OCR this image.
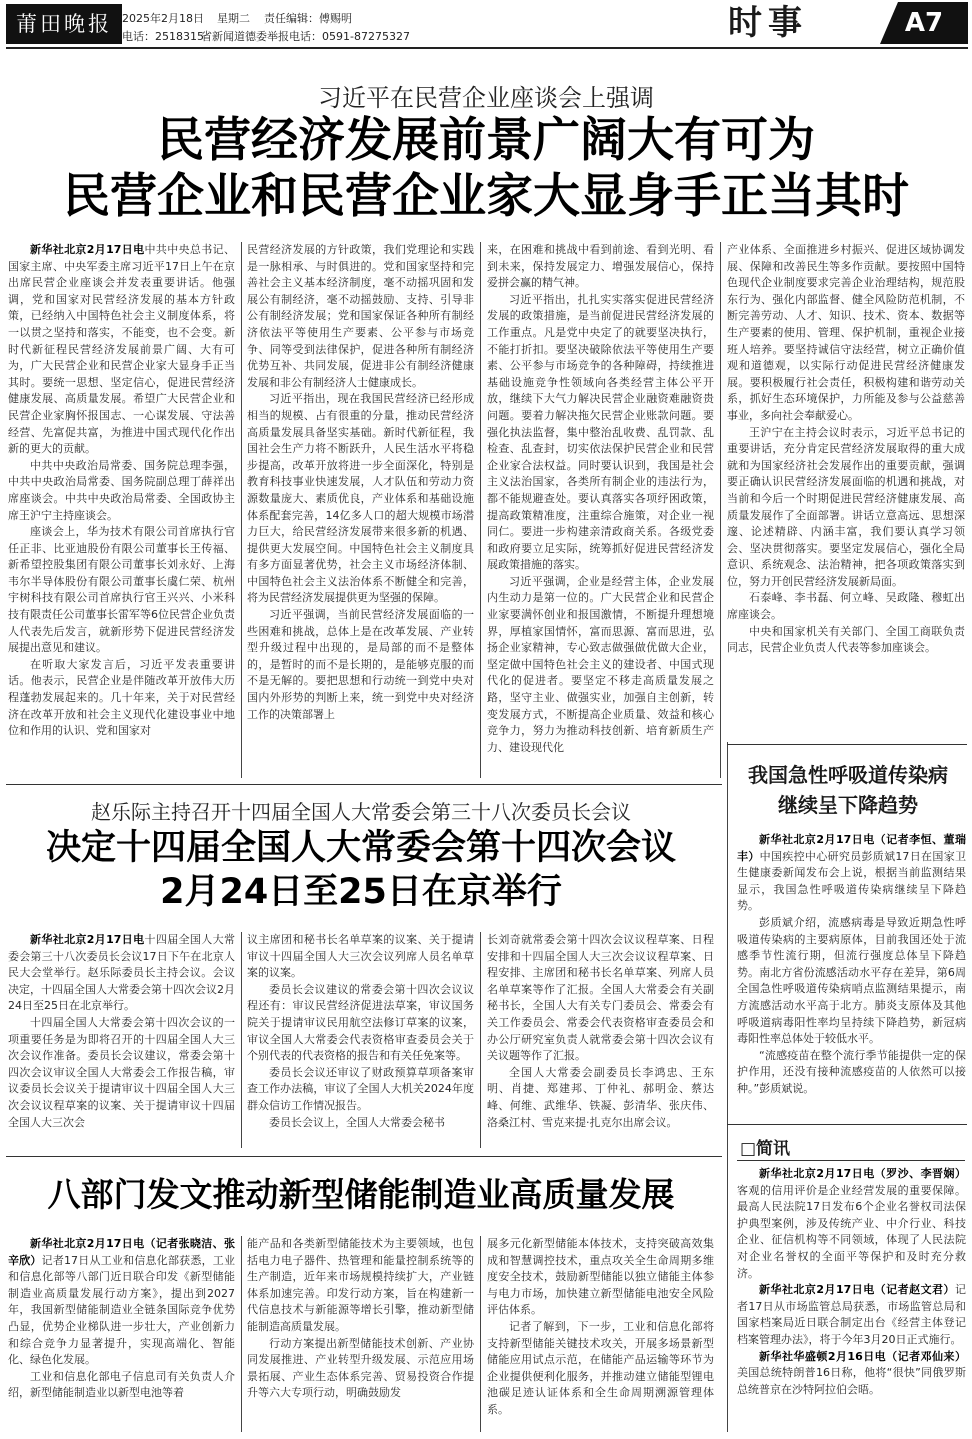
莆田晚报 2025年2月18日 星期二 责任编辑：傅赐明
电话：2518315
省新闻道德委举报电话：0591-87275327	时事	A7
习近平在民营企业座谈会上强调
民营经济发展前景广阔大有可为
民营企业和民营企业家大显身手正当其时

新华社北京2月17日电中共中央总书记、国家主席、中央军委主席习近平17日上午在京出席民营企业座谈会并发表重要讲话。他强调，党和国家对民营经济发展的基本方针政策，已经纳入中国特色社会主义制度体系，将一以贯之坚持和落实，不能变，也不会变。新时代新征程民营经济发展前景广阔、大有可为，广大民营企业和民营企业家大显身手正当其时。要统一思想、坚定信心，促进民营经济健康发展、高质量发展。希望广大民营企业和民营企业家胸怀报国志、一心谋发展、守法善经营、先富促共富，为推进中国式现代化作出新的更大的贡献。

中共中央政治局常委、国务院总理李强，中共中央政治局常委、国务院副总理丁薛祥出席座谈会。中共中央政治局常委、全国政协主席王沪宁主持座谈会。

座谈会上，华为技术有限公司首席执行官任正非、比亚迪股份有限公司董事长王传福、新希望控股集团有限公司董事长刘永好、上海韦尔半导体股份有限公司董事长虞仁荣、杭州宇树科技有限公司首席执行官王兴兴、小米科技有限责任公司董事长雷军等6位民营企业负责人代表先后发言，就新形势下促进民营经济发展提出意见和建议。

在听取大家发言后，习近平发表重要讲话。他表示，民营企业是伴随改革开放伟大历程蓬勃发展起来的。几十年来，关于对民营经济在改革开放和社会主义现代化建设事业中地位和作用的认识、党和国家对

民营经济发展的方针政策，我们党理论和实践是一脉相承、与时俱进的。党和国家坚持和完善社会主义基本经济制度，毫不动摇巩固和发展公有制经济，毫不动摇鼓励、支持、引导非公有制经济发展；党和国家保证各种所有制经济依法平等使用生产要素、公平参与市场竞争、同等受到法律保护，促进各种所有制经济优势互补、共同发展，促进非公有制经济健康发展和非公有制经济人士健康成长。

习近平指出，现在我国民营经济已经形成相当的规模、占有很重的分量，推动民营经济高质量发展具备坚实基础。新时代新征程，我国社会生产力将不断跃升，人民生活水平将稳步提高，改革开放将进一步全面深化，特别是教育科技事业快速发展，人才队伍和劳动力资源数量庞大、素质优良，产业体系和基础设施体系配套完善，14亿多人口的超大规模市场潜力巨大，给民营经济发展带来很多新的机遇、提供更大发展空间。中国特色社会主义制度具有多方面显著优势，社会主义市场经济体制、中国特色社会主义法治体系不断健全和完善，将为民营经济发展提供更为坚强的保障。

习近平强调，当前民营经济发展面临的一些困难和挑战，总体上是在改革发展、产业转型升级过程中出现的，是局部的而不是整体的，是暂时的而不是长期的，是能够克服的而不是无解的。要把思想和行动统一到党中央对国内外形势的判断上来，统一到党中央对经济工作的决策部署上

来，在困难和挑战中看到前途、看到光明、看到未来，保持发展定力、增强发展信心，保持爱拼会赢的精气神。

习近平指出，扎扎实实落实促进民营经济发展的政策措施，是当前促进民营经济发展的工作重点。凡是党中央定了的就要坚决执行，不能打折扣。要坚决破除依法平等使用生产要素、公平参与市场竞争的各种障碍，持续推进基础设施竞争性领域向各类经营主体公平开放，继续下大气力解决民营企业融资难融资贵问题。要着力解决拖欠民营企业账款问题。要强化执法监督，集中整治乱收费、乱罚款、乱检查、乱查封，切实依法保护民营企业和民营企业家合法权益。同时要认识到，我国是社会主义法治国家，各类所有制企业的违法行为，都不能规避查处。要认真落实各项纾困政策，提高政策精准度，注重综合施策，对企业一视同仁。要进一步构建亲清政商关系。各级党委和政府要立足实际，统筹抓好促进民营经济发展政策措施的落实。

习近平强调，企业是经营主体，企业发展内生动力是第一位的。广大民营企业和民营企业家要满怀创业和报国激情，不断提升理想境界，厚植家国情怀，富而思源、富而思进，弘扬企业家精神，专心致志做强做优做大企业，坚定做中国特色社会主义的建设者、中国式现代化的促进者。要坚定不移走高质量发展之路，坚守主业、做强实业，加强自主创新，转变发展方式，不断提高企业质量、效益和核心竞争力，努力为推动科技创新、培育新质生产力、建设现代化

产业体系、全面推进乡村振兴、促进区域协调发展、保障和改善民生等多作贡献。要按照中国特色现代企业制度要求完善企业治理结构，规范股东行为、强化内部监督、健全风险防范机制，不断完善劳动、人才、知识、技术、资本、数据等生产要素的使用、管理、保护机制，重视企业接班人培养。要坚持诚信守法经营，树立正确价值观和道德观，以实际行动促进民营经济健康发展。要积极履行社会责任，积极构建和谐劳动关系，抓好生态环境保护，力所能及参与公益慈善事业，多向社会奉献爱心。

王沪宁在主持会议时表示，习近平总书记的重要讲话，充分肯定民营经济发展取得的重大成就和为国家经济社会发展作出的重要贡献，强调要正确认识民营经济发展面临的机遇和挑战，对当前和今后一个时期促进民营经济健康发展、高质量发展作了全面部署。讲话立意高远、思想深邃、论述精辟、内涵丰富，我们要认真学习领会、坚决贯彻落实。要坚定发展信心，强化全局意识、系统观念、法治精神，把各项政策落实到位，努力开创民营经济发展新局面。

石泰峰、李书磊、何立峰、吴政隆、穆虹出席座谈会。

中央和国家机关有关部门、全国工商联负责同志，民营企业负责人代表等参加座谈会。

赵乐际主持召开十四届全国人大常委会第三十八次委员长会议
决定十四届全国人大常委会第十四次会议
2月24日至25日在京举行

新华社北京2月17日电十四届全国人大常委会第三十八次委员长会议17日下午在北京人民大会堂举行。赵乐际委员长主持会议。会议决定，十四届全国人大常委会第十四次会议2月24日至25日在北京举行。

十四届全国人大常委会第十四次会议的一项重要任务是为即将召开的十四届全国人大三次会议作准备。委员长会议建议，常委会第十四次会议审议全国人大常委会工作报告稿，审议委员长会议关于提请审议十四届全国人大三次会议议程草案的议案、关于提请审议十四届全国人大三次会

议主席团和秘书长名单草案的议案、关于提请审议十四届全国人大三次会议列席人员名单草案的议案。

委员长会议建议的常委会第十四次会议议程还有：审议民营经济促进法草案，审议国务院关于提请审议民用航空法修订草案的议案，审议全国人大常委会代表资格审查委员会关于个别代表的代表资格的报告和有关任免案等。

委员长会议还审议了财政预算草项备案审查工作办法稿，审议了全国人大机关2024年度群众信访工作情况报告。

委员长会议上，全国人大常委会秘书

长刘奇就常委会第十四次会议议程草案、日程安排和十四届全国人大三次会议议程草案、日程安排、主席团和秘书长名单草案、列席人员名单草案等作了汇报。全国人大常委会有关副秘书长，全国人大有关专门委员会、常委会有关工作委员会、常委会代表资格审查委员会和办公厅研究室负责人就常委会第十四次会议有关议题等作了汇报。

全国人大常委会副委员长李鸿忠、王东明、肖捷、郑建邦、丁仲礼、郝明金、蔡达峰、何维、武维华、铁凝、彭清华、张庆伟、洛桑江村、雪克来提·扎克尔出席会议。

八部门发文推动新型储能制造业高质量发展

新华社北京2月17日电（记者张晓洁、张辛欣）记者17日从工业和信息化部获悉，工业和信息化部等八部门近日联合印发《新型储能制造业高质量发展行动方案》，提出到2027年，我国新型储能制造业全链条国际竞争优势凸显，优势企业梯队进一步壮大，产业创新力和综合竞争力显著提升，实现高端化、智能化、绿色化发展。

工业和信息化部电子信息司有关负责人介绍，新型储能制造业以新型电池等着

能产品和各类新型储能技术为主要领域，也包括电力电子器件、热管理和能量控制系统等的生产制造，近年来市场规模持续扩大，产业链体系加速完善。印发行动方案，旨在构建新一代信息技术与新能源等增长引擎，推动新型储能制造高质量发展。

行动方案提出新型储能技术创新、产业协同发展推进、产业转型升级发展、示范应用场景拓展、产业生态体系完善、贸易投资合作提升等六大专项行动，明确鼓励发

展多元化新型储能本体技术，支持突破高效集成和智慧调控技术，重点攻关全生命周期多维度安全技术，鼓励新型储能以独立储能主体参与电力市场，加快建立新型储能电池安全风险评估体系。

记者了解到，下一步，工业和信息化部将支持新型储能关键技术攻关，开展多场景新型储能应用试点示范，在储能产品运输等环节为企业提供便利化服务，并推动建立储能型锂电池碳足迹认证体系和全生命周期溯源管理体系。

我国急性呼吸道传染病
继续呈下降趋势

新华社北京2月17日电（记者李恒、董瑞丰）中国疾控中心研究员彭质斌17日在国家卫生健康委新闻发布会上说，根据当前监测结果显示，我国急性呼吸道传染病继续呈下降趋势。

彭质斌介绍，流感病毒是导致近期急性呼吸道传染病的主要病原体，目前我国还处于流感季节性流行期，但流行强度总体呈下降趋势。南北方省份流感活动水平存在差异，第6周全国急性呼吸道传染病哨点监测结果提示，南方流感活动水平高于北方。肺炎支原体及其他呼吸道病毒阳性率均呈持续下降趋势，新冠病毒阳性率总体处于较低水平。

“流感疫苗在整个流行季节能提供一定的保护作用，还没有接种流感疫苗的人依然可以接种。”彭质斌说。

□简讯

新华社北京2月17日电（罗沙、李晋娴）客观的信用评价是企业经营发展的重要保障。最高人民法院17日发布6个企业名誉权司法保护典型案例，涉及传统产业、中介行业、科技企业、征信机构等不同领域，体现了人民法院对企业名誉权的全面平等保护和及时充分救济。

新华社北京2月17日电（记者赵文君）记者17日从市场监管总局获悉，市场监管总局和国家档案局近日联合制定出台《经营主体登记档案管理办法》，将于今年3月20日正式施行。

新华社华盛顿2月16日电（记者邓仙来）美国总统特朗普16日称，他将“很快”同俄罗斯总统普京在沙特阿拉伯会晤。
